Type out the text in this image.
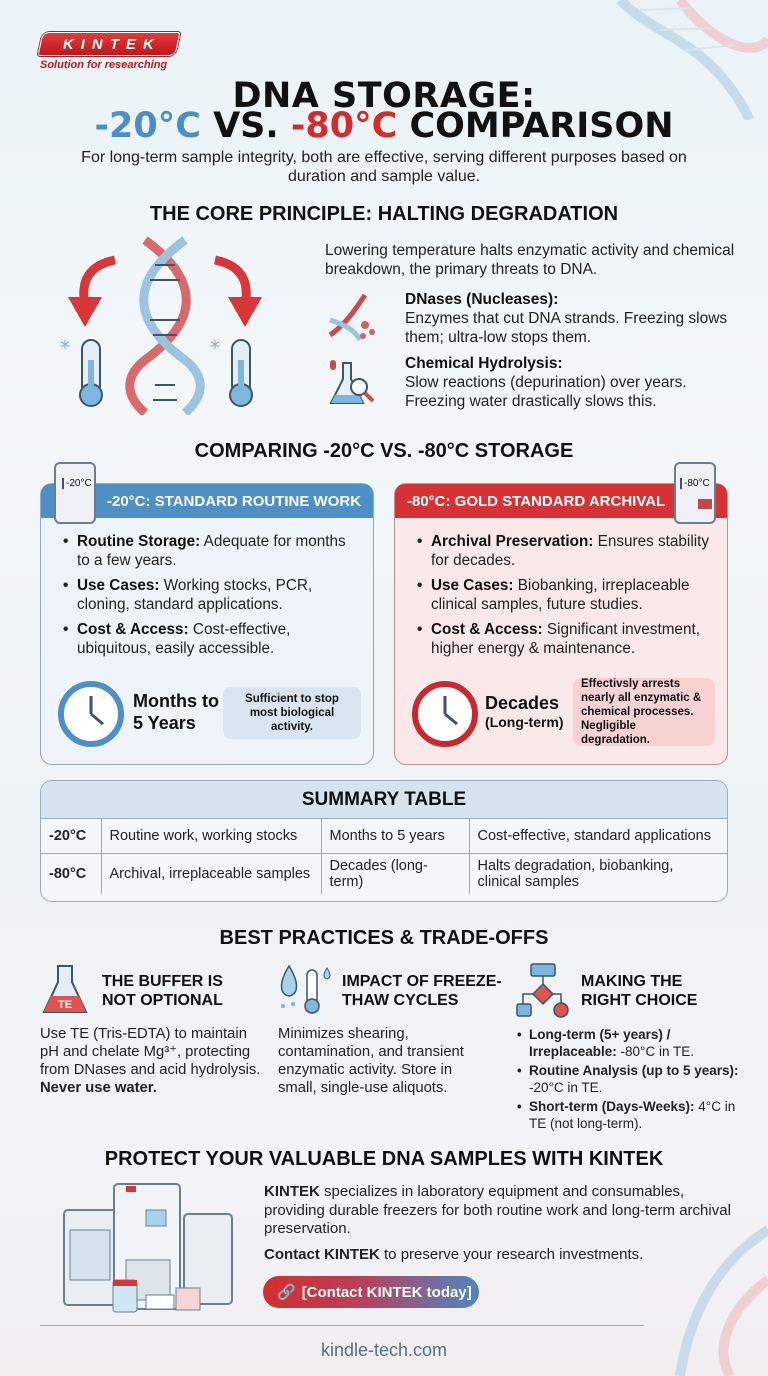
KINTEK
Solution for researching
DNA STORAGE:
-20°C VS. -80°C COMPARISON
For long-term sample integrity, both are effective, serving different purposes based on duration and sample value.
THE CORE PRINCIPLE: HALTING DEGRADATION
*	*
Lowering temperature halts enzymatic activity and chemical breakdown, the primary threats to DNA.
DNases (Nucleases):
Enzymes that cut DNA strands. Freezing slows them; ultra-low stops them.
Chemical Hydrolysis:
Slow reactions (depurination) over years. Freezing water drastically slows this.
COMPARING -20°C VS. -80°C STORAGE
-20°C: STANDARD ROUTINE WORK
• Routine Storage: Adequate for months to a few years.
• Use Cases: Working stocks, PCR, cloning, standard applications.
• Cost & Access: Cost-effective, ubiquitous, easily accessible.
Months to
5 Years
Sufficient to stop most biological activity.
-20°C
-80°C: GOLD STANDARD ARCHIVAL
• Archival Preservation: Ensures stability for decades.
• Use Cases: Biobanking, irreplaceable clinical samples, future studies.
• Cost & Access: Significant investment, higher energy & maintenance.
Decades
(Long-term)
Effectivsly arrests nearly all enzymatic & chemical processes. Negligible degradation.
-80°C
SUMMARY TABLE
-20°C	Routine work, working stocks	Months to 5 years	Cost-effective, standard applications
-80°C	Archival, irreplaceable samples	Decades (long-term)	Halts degradation, biobanking, clinical samples
BEST PRACTICES & TRADE-OFFS
TE
THE BUFFER IS
NOT OPTIONAL
Use TE (Tris-EDTA) to maintain pH and chelate Mg³⁺, protecting from DNases and acid hydrolysis. Never use water.
IMPACT OF FREEZE-
THAW CYCLES
Minimizes shearing, contamination, and transient enzymatic activity. Store in small, single-use aliquots.
MAKING THE
RIGHT CHOICE
• Long-term (5+ years) / Irreplaceable: -80°C in TE.
• Routine Analysis (up to 5 years): -20°C in TE.
• Short-term (Days-Weeks): 4°C in TE (not long-term).
PROTECT YOUR VALUABLE DNA SAMPLES WITH KINTEK
KINTEK specializes in laboratory equipment and consumables, providing durable freezers for both routine work and long-term archival preservation.
Contact KINTEK to preserve your research investments.
🔗 [Contact KINTEK today]
kindle-tech.com
